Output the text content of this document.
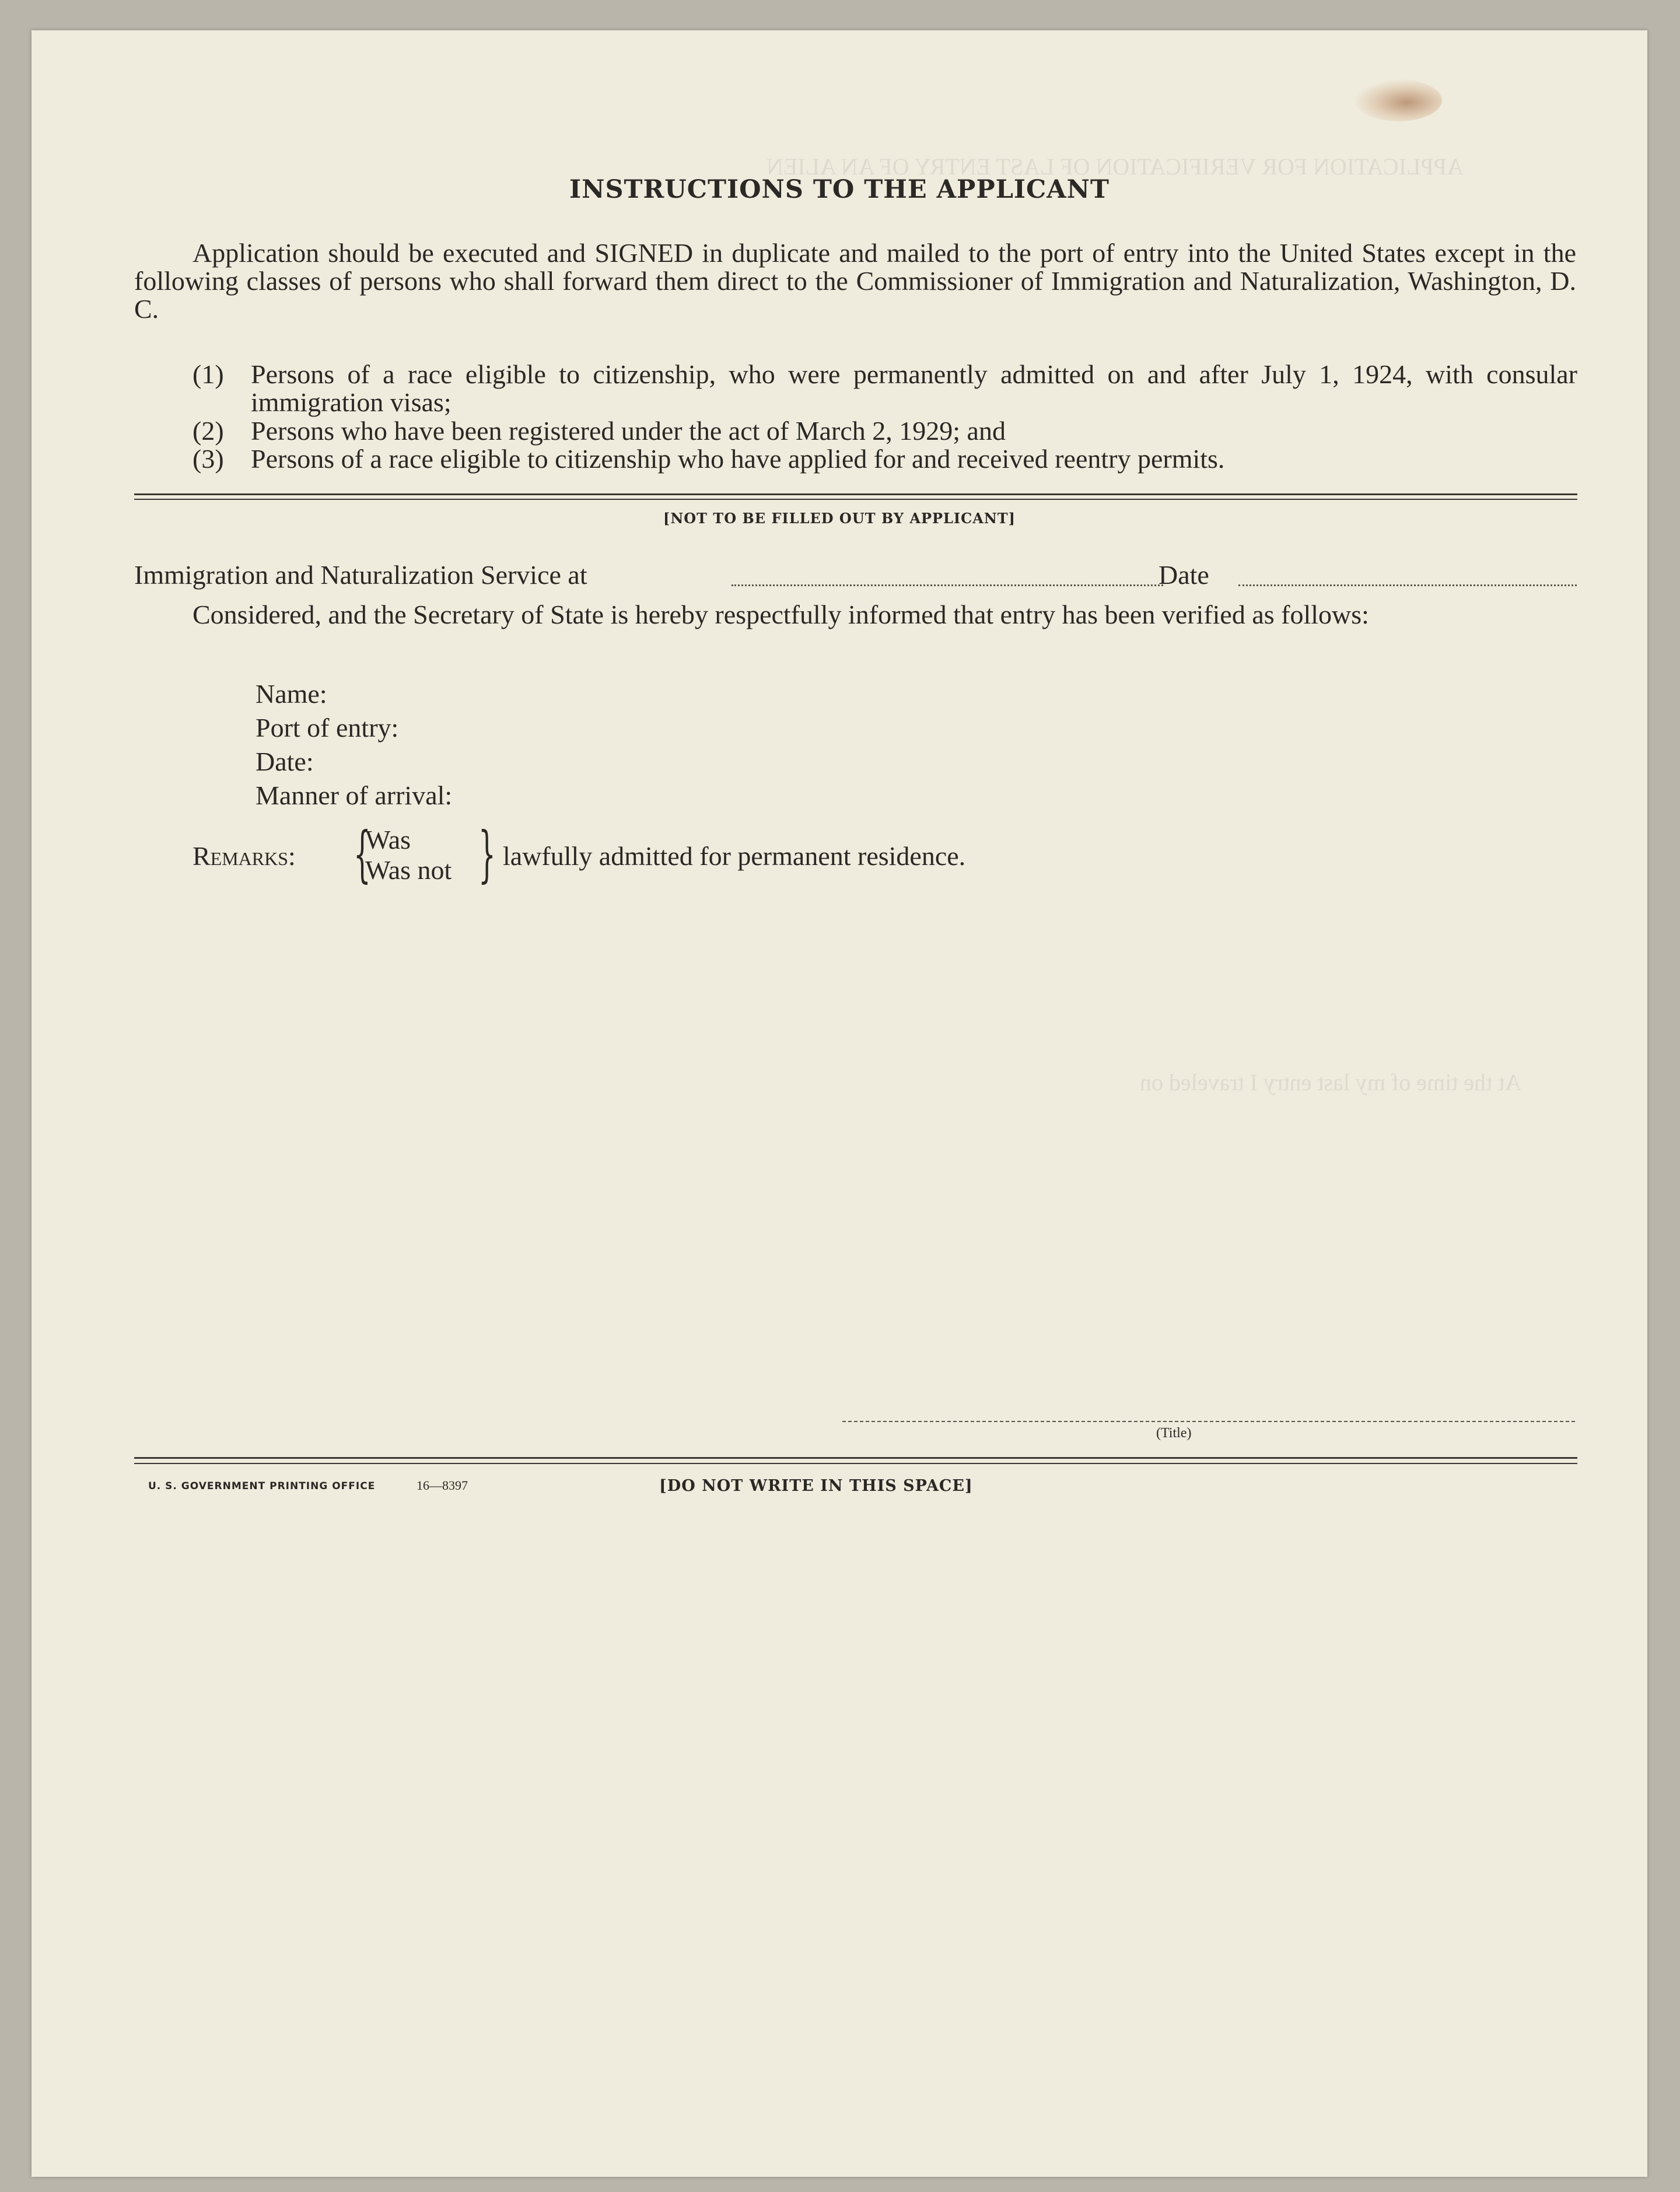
APPLICATION FOR VERIFICATION OF LAST ENTRY OF AN ALIEN
At the time of my last entry I traveled on
INSTRUCTIONS TO THE APPLICANT
Application should be executed and SIGNED in duplicate and mailed to the port of entry into the United States except in the following classes of persons who shall forward them direct to the Commissioner of Immigration and Naturalization, Washington, D. C.
(1)	Persons of a race eligible to citizenship, who were permanently admitted on and after July 1, 1924, with consular immigration visas;
(2)	Persons who have been registered under the act of March 2, 1929; and
(3)	Persons of a race eligible to citizenship who have applied for and received reentry permits.
[NOT TO BE FILLED OUT BY APPLICANT]
Immigration and Naturalization Service at	Date
Considered, and the Secretary of State is hereby respectfully informed that entry has been verified as follows:
Name:
Port of entry:
Date:
Manner of arrival:
Remarks: {
Was
Was not } lawfully admitted for permanent residence.
(Title)
U. S. GOVERNMENT PRINTING OFFICE	16—8397	[DO NOT WRITE IN THIS SPACE]
